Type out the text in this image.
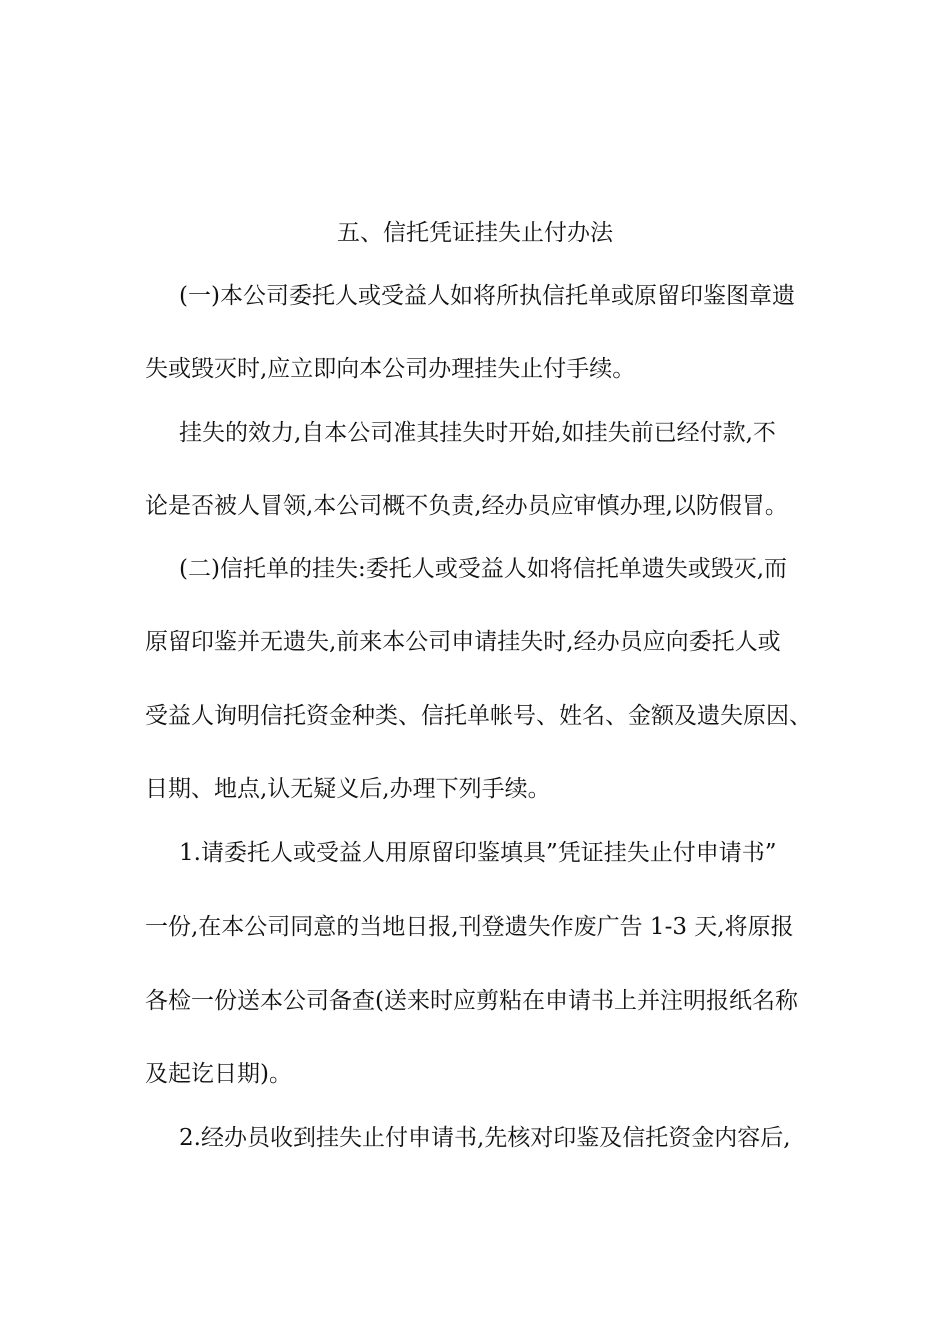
五、信托凭证挂失止付办法
(一)本公司委托人或受益人如将所执信托单或原留印鉴图章遗
失或毁灭时,应立即向本公司办理挂失止付手续。
挂失的效力,自本公司准其挂失时开始,如挂失前已经付款,不
论是否被人冒领,本公司概不负责,经办员应审慎办理,以防假冒。
(二)信托单的挂失:委托人或受益人如将信托单遗失或毁灭,而
原留印鉴并无遗失,前来本公司申请挂失时,经办员应向委托人或
受益人询明信托资金种类、信托单帐号、姓名、金额及遗失原因、
日期、地点,认无疑义后,办理下列手续。
1.请委托人或受益人用原留印鉴填具”凭证挂失止付申请书”
一份,在本公司同意的当地日报,刊登遗失作废广告 1-3 天,将原报
各检一份送本公司备查(送来时应剪粘在申请书上并注明报纸名称
及起讫日期)。
2.经办员收到挂失止付申请书,先核对印鉴及信托资金内容后,
